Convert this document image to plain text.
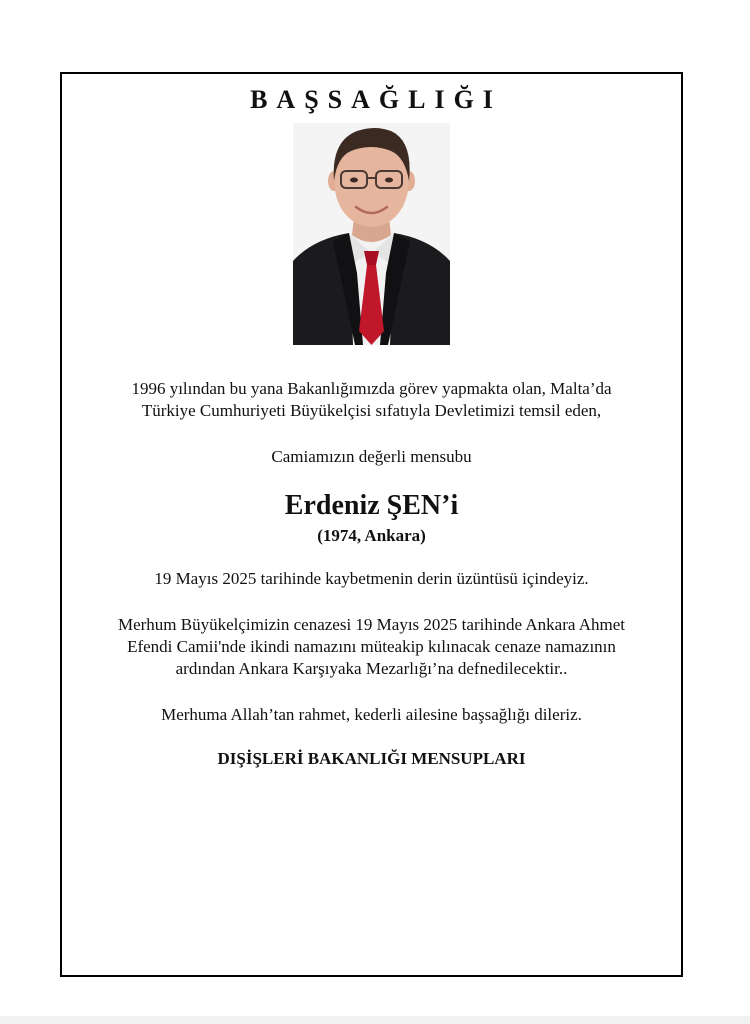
BAŞSAĞLIĞI
1996 yılından bu yana Bakanlığımızda görev yapmakta olan, Malta’da
Türkiye Cumhuriyeti Büyükelçisi sıfatıyla Devletimizi temsil eden,
Camiamızın değerli mensubu
Erdeniz ŞEN’i
(1974, Ankara)
19 Mayıs 2025 tarihinde kaybetmenin derin üzüntüsü içindeyiz.
Merhum Büyükelçimizin cenazesi 19 Mayıs 2025 tarihinde Ankara Ahmet
Efendi Camii'nde ikindi namazını müteakip kılınacak cenaze namazının
ardından Ankara Karşıyaka Mezarlığı’na defnedilecektir..
Merhuma Allah’tan rahmet, kederli ailesine başsağlığı dileriz.
DIŞİŞLERİ BAKANLIĞI MENSUPLARI
